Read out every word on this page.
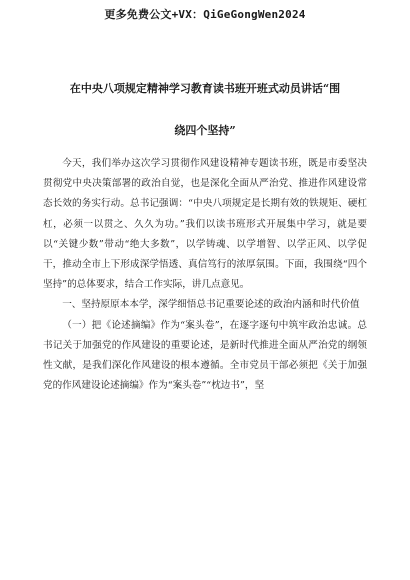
更多免费公文+VX：QiGeGongWen2024
在中央八项规定精神学习教育读书班开班式动员讲话“围
绕四个坚持”

今天，我们举办这次学习贯彻作风建设精神专题读书班，既是市委坚决贯彻党中央决策部署的政治自觉，也是深化全面从严治党、推进作风建设常态长效的务实行动。总书记强调：“中央八项规定是长期有效的铁规矩、硬杠杠，必须一以贯之、久久为功。”我们以读书班形式开展集中学习，就是要以“关键少数”带动“绝大多数”，以学铸魂、以学增智、以学正风、以学促干，推动全市上下形成深学悟透、真信笃行的浓厚氛围。下面，我围绕“四个坚持”的总体要求，结合工作实际，讲几点意见。

一、坚持原原本本学，深学细悟总书记重要论述的政治内涵和时代价值

（一）把《论述摘编》作为“案头卷”，在逐字逐句中筑牢政治忠诚。总书记关于加强党的作风建设的重要论述，是新时代推进全面从严治党的纲领性文献，是我们深化作风建设的根本遵循。全市党员干部必须把《关于加强党的作风建设论述摘编》作为“案头卷”“枕边书”，坚
